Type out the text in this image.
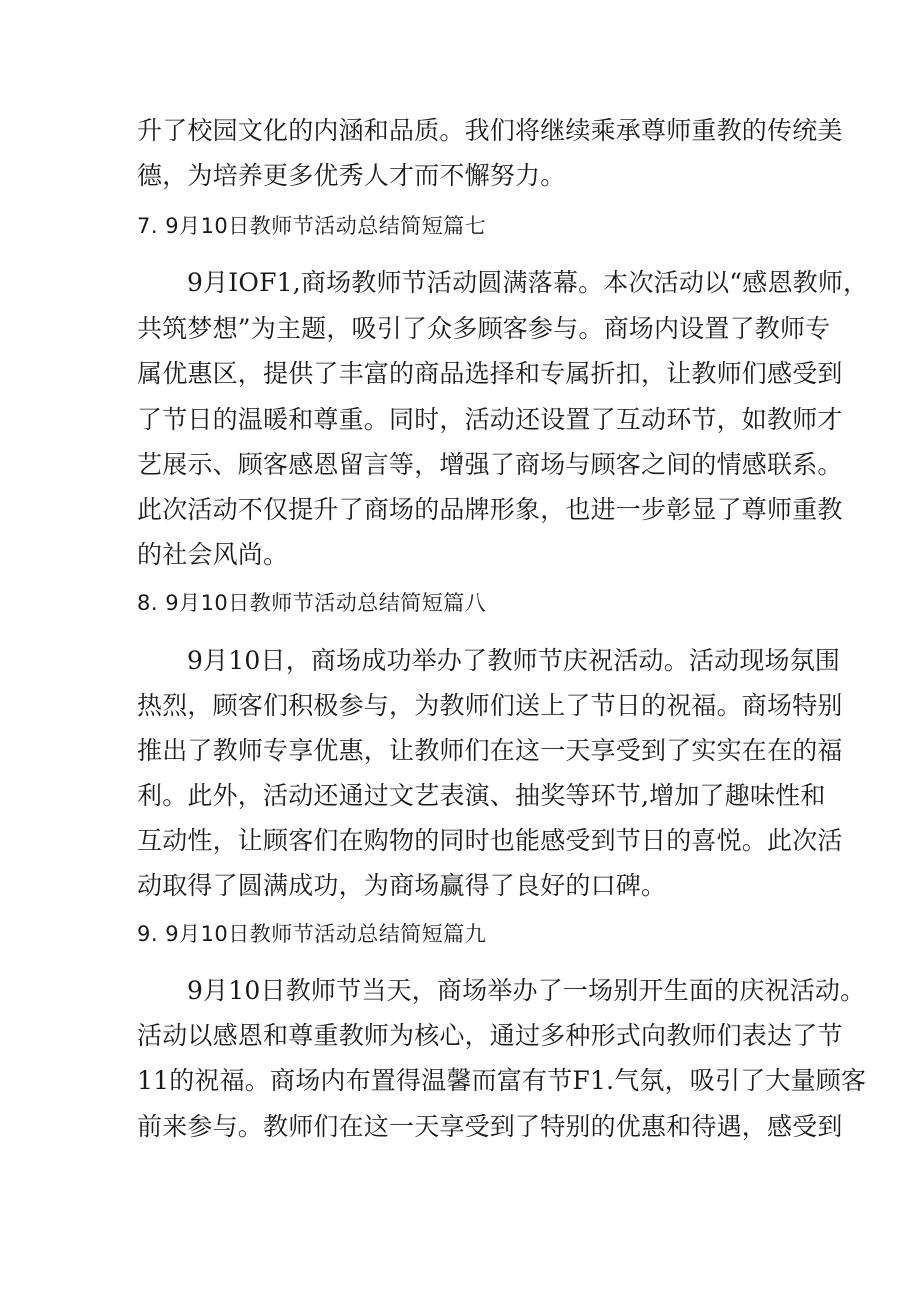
升了校园文化的内涵和品质。我们将继续乘承尊师重教的传统美
德，为培养更多优秀人才而不懈努力。
7. 9月10日教师节活动总结简短篇七
9月IOF1,商场教师节活动圆满落幕。本次活动以“感恩教师，
共筑梦想”为主题，吸引了众多顾客参与。商场内设置了教师专
属优惠区，提供了丰富的商品选择和专属折扣，让教师们感受到
了节日的温暖和尊重。同时，活动还设置了互动环节，如教师才
艺展示、顾客感恩留言等，增强了商场与顾客之间的情感联系。
此次活动不仅提升了商场的品牌形象，也进一步彰显了尊师重教
的社会风尚。
8. 9月10日教师节活动总结简短篇八
9月10日，商场成功举办了教师节庆祝活动。活动现场氛围
热烈，顾客们积极参与，为教师们送上了节日的祝福。商场特别
推出了教师专享优惠，让教师们在这一天享受到了实实在在的福
利。此外，活动还通过文艺表演、抽奖等环节,增加了趣味性和
互动性，让顾客们在购物的同时也能感受到节日的喜悦。此次活
动取得了圆满成功，为商场赢得了良好的口碑。
9. 9月10日教师节活动总结简短篇九
9月10日教师节当天，商场举办了一场别开生面的庆祝活动。
活动以感恩和尊重教师为核心，通过多种形式向教师们表达了节
11的祝福。商场内布置得温馨而富有节F1.气氛，吸引了大量顾客
前来参与。教师们在这一天享受到了特别的优惠和待遇，感受到
